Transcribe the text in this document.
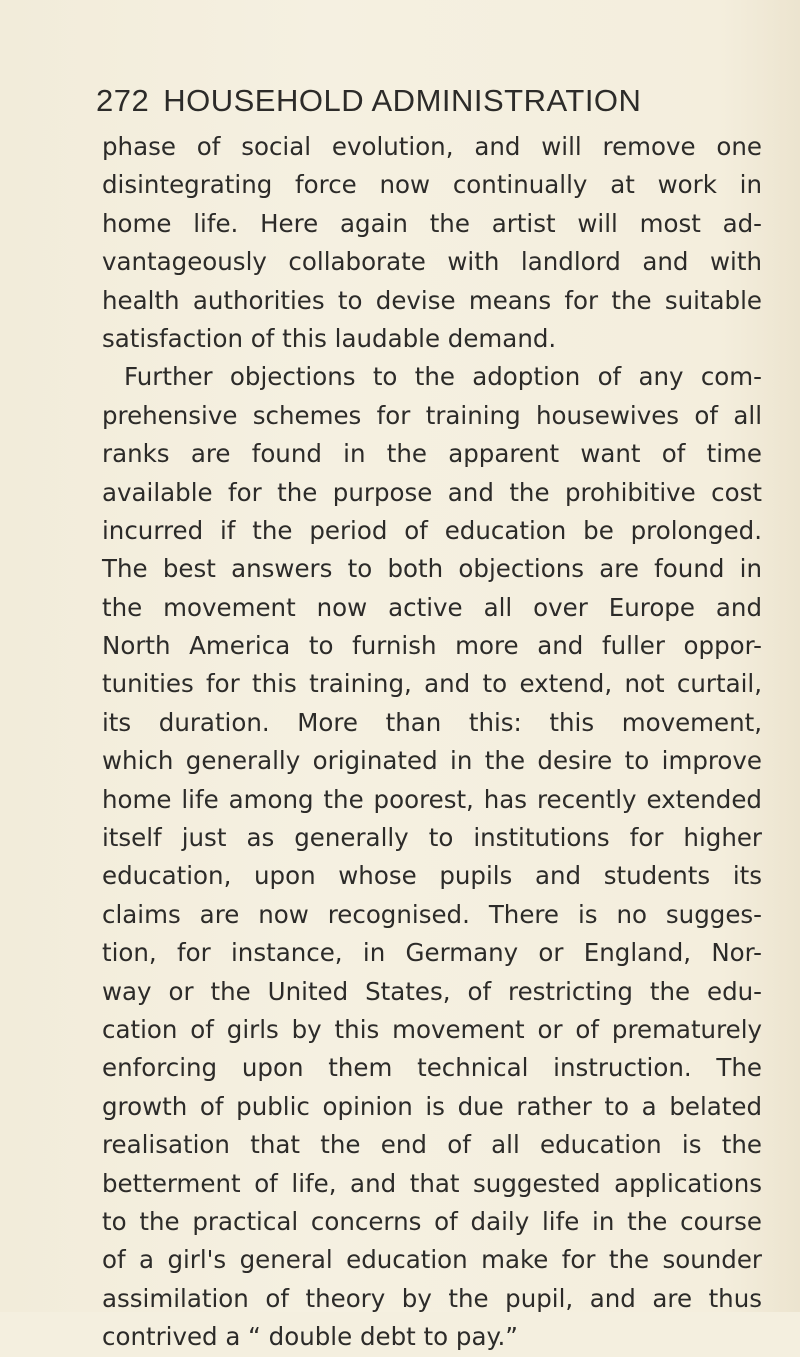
272 HOUSEHOLD ADMINISTRATION
phase of social evolution, and will remove one
disintegrating force now continually at work in
home life. Here again the artist will most ad-
vantageously collaborate with landlord and with
health authorities to devise means for the suitable
satisfaction of this laudable demand.
Further objections to the adoption of any com-
prehensive schemes for training housewives of all
ranks are found in the apparent want of time
available for the purpose and the prohibitive cost
incurred if the period of education be prolonged.
The best answers to both objections are found in
the movement now active all over Europe and
North America to furnish more and fuller oppor-
tunities for this training, and to extend, not curtail,
its duration. More than this: this movement,
which generally originated in the desire to improve
home life among the poorest, has recently extended
itself just as generally to institutions for higher
education, upon whose pupils and students its
claims are now recognised. There is no sugges-
tion, for instance, in Germany or England, Nor-
way or the United States, of restricting the edu-
cation of girls by this movement or of prematurely
enforcing upon them technical instruction. The
growth of public opinion is due rather to a belated
realisation that the end of all education is the
betterment of life, and that suggested applications
to the practical concerns of daily life in the course
of a girl's general education make for the sounder
assimilation of theory by the pupil, and are thus
contrived a “ double debt to pay.”
